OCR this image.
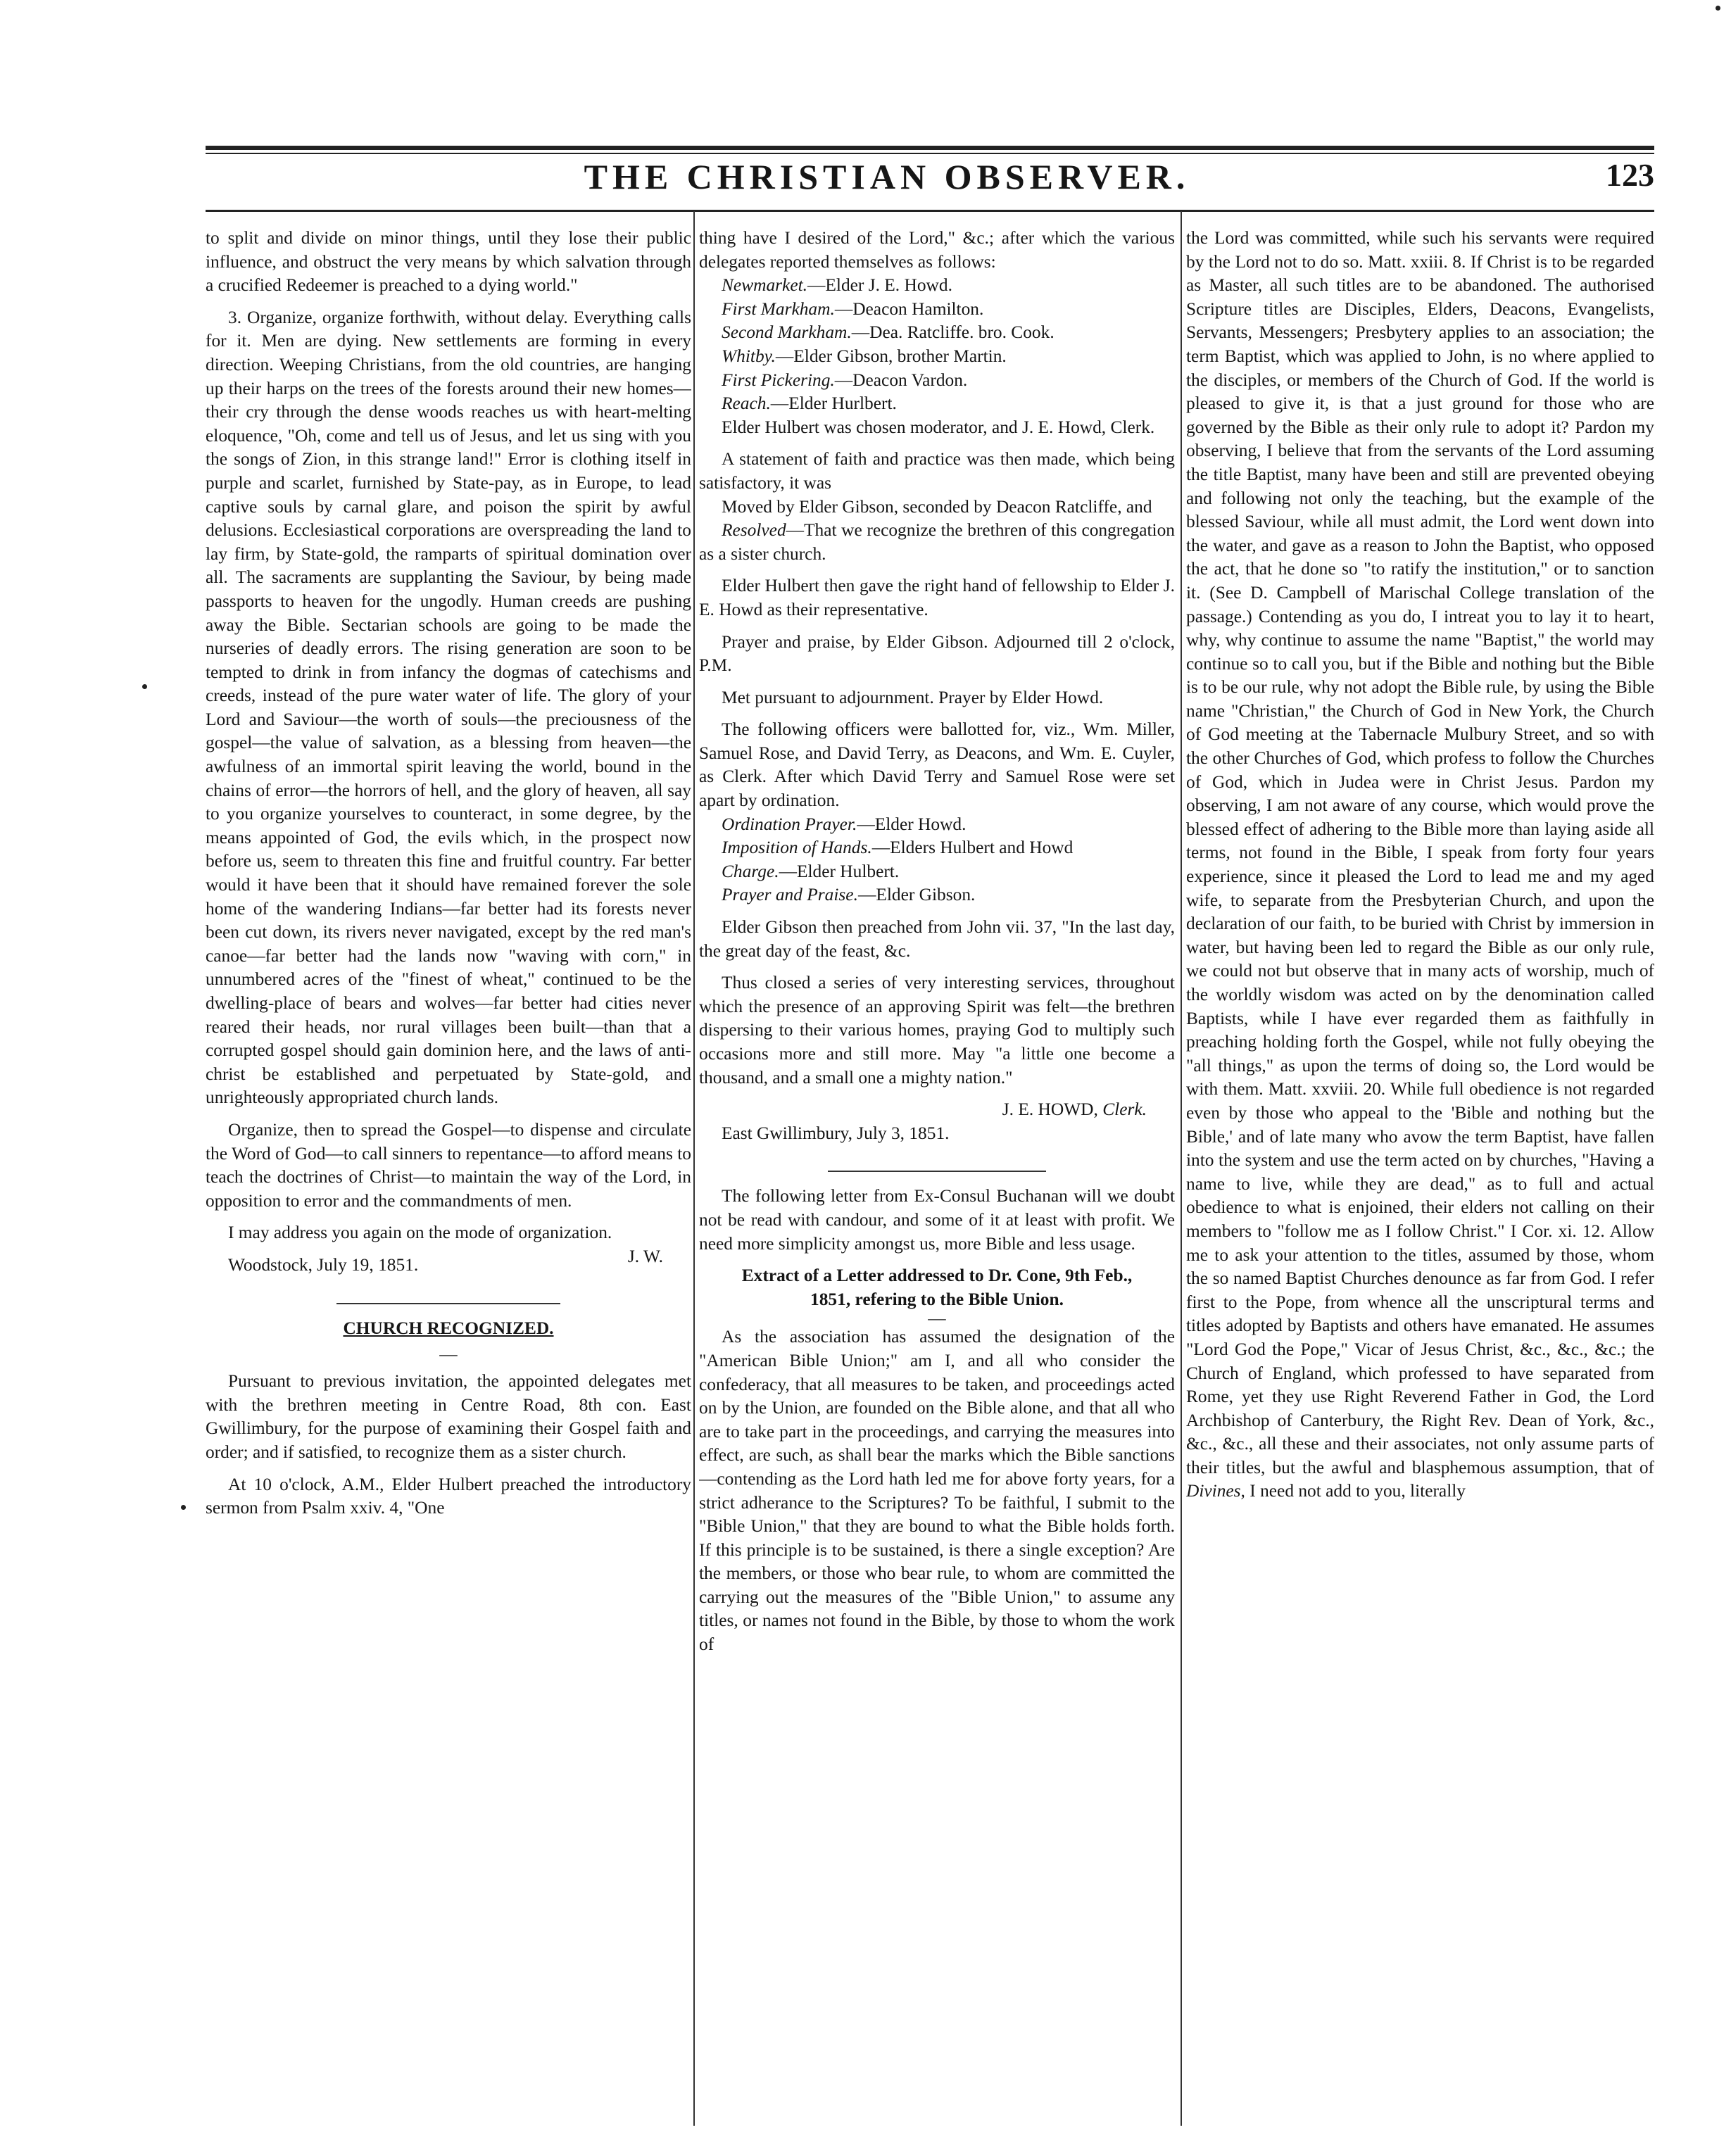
THE CHRISTIAN OBSERVER.	123

to split and divide on minor things, until they lose their public influence, and obstruct the very means by which salvation through a crucified Redeemer is preached to a dying world."

3. Organize, organize forthwith, without delay. Everything calls for it. Men are dying. New settlements are forming in every direction. Weeping Christians, from the old countries, are hanging up their harps on the trees of the forests around their new homes—their cry through the dense woods reaches us with heart-melting eloquence, "Oh, come and tell us of Jesus, and let us sing with you the songs of Zion, in this strange land!" Error is clothing itself in purple and scarlet, furnished by State-pay, as in Europe, to lead captive souls by carnal glare, and poison the spirit by awful delusions. Ecclesiastical corporations are overspreading the land to lay firm, by State-gold, the ramparts of spiritual domination over all. The sacraments are supplanting the Saviour, by being made passports to heaven for the ungodly. Human creeds are pushing away the Bible. Sectarian schools are going to be made the nurseries of deadly errors. The rising generation are soon to be tempted to drink in from infancy the dogmas of catechisms and creeds, instead of the pure water water of life. The glory of your Lord and Saviour—the worth of souls—the preciousness of the gospel—the value of salvation, as a blessing from heaven—the awfulness of an immortal spirit leaving the world, bound in the chains of error—the horrors of hell, and the glory of heaven, all say to you organize yourselves to counteract, in some degree, by the means appointed of God, the evils which, in the prospect now before us, seem to threaten this fine and fruitful country. Far better would it have been that it should have remained forever the sole home of the wandering Indians—far better had its forests never been cut down, its rivers never navigated, except by the red man's canoe—far better had the lands now "waving with corn," in unnumbered acres of the "finest of wheat," continued to be the dwelling-place of bears and wolves—far better had cities never reared their heads, nor rural villages been built—than that a corrupted gospel should gain dominion here, and the laws of anti-christ be established and perpetuated by State-gold, and unrighteously appropriated church lands.

Organize, then to spread the Gospel—to dispense and circulate the Word of God—to call sinners to repentance—to afford means to teach the doctrines of Christ—to maintain the way of the Lord, in opposition to error and the commandments of men.

I may address you again on the mode of organization.
J. W.

Woodstock, July 19, 1851.

CHURCH RECOGNIZED.

—

Pursuant to previous invitation, the appointed delegates met with the brethren meeting in Centre Road, 8th con. East Gwillimbury, for the purpose of examining their Gospel faith and order; and if satisfied, to recognize them as a sister church.

At 10 o'clock, A.M., Elder Hulbert preached the introductory sermon from Psalm xxiv. 4, "One

thing have I desired of the Lord," &c.; after which the various delegates reported themselves as follows:

Newmarket.—Elder J. E. Howd.

First Markham.—Deacon Hamilton.

Second Markham.—Dea. Ratcliffe. bro. Cook.

Whitby.—Elder Gibson, brother Martin.

First Pickering.—Deacon Vardon.

Reach.—Elder Hurlbert.

Elder Hulbert was chosen moderator, and J. E. Howd, Clerk.

A statement of faith and practice was then made, which being satisfactory, it was

Moved by Elder Gibson, seconded by Deacon Ratcliffe, and

Resolved—That we recognize the brethren of this congregation as a sister church.

Elder Hulbert then gave the right hand of fellowship to Elder J. E. Howd as their representative.

Prayer and praise, by Elder Gibson. Adjourned till 2 o'clock, P.M.

Met pursuant to adjournment. Prayer by Elder Howd.

The following officers were ballotted for, viz., Wm. Miller, Samuel Rose, and David Terry, as Deacons, and Wm. E. Cuyler, as Clerk. After which David Terry and Samuel Rose were set apart by ordination.

Ordination Prayer.—Elder Howd.

Imposition of Hands.—Elders Hulbert and Howd

Charge.—Elder Hulbert.

Prayer and Praise.—Elder Gibson.

Elder Gibson then preached from John vii. 37, "In the last day, the great day of the feast, &c.

Thus closed a series of very interesting services, throughout which the presence of an approving Spirit was felt—the brethren dispersing to their various homes, praying God to multiply such occasions more and still more. May "a little one become a thousand, and a small one a mighty nation."

J. E. HOWD, Clerk.

East Gwillimbury, July 3, 1851.

The following letter from Ex-Consul Buchanan will we doubt not be read with candour, and some of it at least with profit. We need more simplicity amongst us, more Bible and less usage.

Extract of a Letter addressed to Dr. Cone, 9th Feb.,

1851, refering to the Bible Union.

—

As the association has assumed the designation of the "American Bible Union;" am I, and all who consider the confederacy, that all measures to be taken, and proceedings acted on by the Union, are founded on the Bible alone, and that all who are to take part in the proceedings, and carrying the measures into effect, are such, as shall bear the marks which the Bible sanctions—contending as the Lord hath led me for above forty years, for a strict adherance to the Scriptures? To be faithful, I submit to the "Bible Union," that they are bound to what the Bible holds forth. If this principle is to be sustained, is there a single exception? Are the members, or those who bear rule, to whom are committed the carrying out the measures of the "Bible Union," to assume any titles, or names not found in the Bible, by those to whom the work of

the Lord was committed, while such his servants were required by the Lord not to do so. Matt. xxiii. 8. If Christ is to be regarded as Master, all such titles are to be abandoned. The authorised Scripture titles are Disciples, Elders, Deacons, Evangelists, Servants, Messengers; Presbytery applies to an association; the term Baptist, which was applied to John, is no where applied to the disciples, or members of the Church of God. If the world is pleased to give it, is that a just ground for those who are governed by the Bible as their only rule to adopt it? Pardon my observing, I believe that from the servants of the Lord assuming the title Baptist, many have been and still are prevented obeying and following not only the teaching, but the example of the blessed Saviour, while all must admit, the Lord went down into the water, and gave as a reason to John the Baptist, who opposed the act, that he done so "to ratify the institution," or to sanction it. (See D. Campbell of Marischal College translation of the passage.) Contending as you do, I intreat you to lay it to heart, why, why continue to assume the name "Baptist," the world may continue so to call you, but if the Bible and nothing but the Bible is to be our rule, why not adopt the Bible rule, by using the Bible name "Christian," the Church of God in New York, the Church of God meeting at the Tabernacle Mulbury Street, and so with the other Churches of God, which profess to follow the Churches of God, which in Judea were in Christ Jesus. Pardon my observing, I am not aware of any course, which would prove the blessed effect of adhering to the Bible more than laying aside all terms, not found in the Bible, I speak from forty four years experience, since it pleased the Lord to lead me and my aged wife, to separate from the Presbyterian Church, and upon the declaration of our faith, to be buried with Christ by immersion in water, but having been led to regard the Bible as our only rule, we could not but observe that in many acts of worship, much of the worldly wisdom was acted on by the denomination called Baptists, while I have ever regarded them as faithfully in preaching holding forth the Gospel, while not fully obeying the "all things," as upon the terms of doing so, the Lord would be with them. Matt. xxviii. 20. While full obedience is not regarded even by those who appeal to the 'Bible and nothing but the Bible,' and of late many who avow the term Baptist, have fallen into the system and use the term acted on by churches, "Having a name to live, while they are dead," as to full and actual obedience to what is enjoined, their elders not calling on their members to "follow me as I follow Christ." I Cor. xi. 12. Allow me to ask your attention to the titles, assumed by those, whom the so named Baptist Churches denounce as far from God. I refer first to the Pope, from whence all the unscriptural terms and titles adopted by Baptists and others have emanated. He assumes "Lord God the Pope," Vicar of Jesus Christ, &c., &c., &c.; the Church of England, which professed to have separated from Rome, yet they use Right Reverend Father in God, the Lord Archbishop of Canterbury, the Right Rev. Dean of York, &c., &c., &c., all these and their associates, not only assume parts of their titles, but the awful and blasphemous assumption, that of Divines, I need not add to you, literally
